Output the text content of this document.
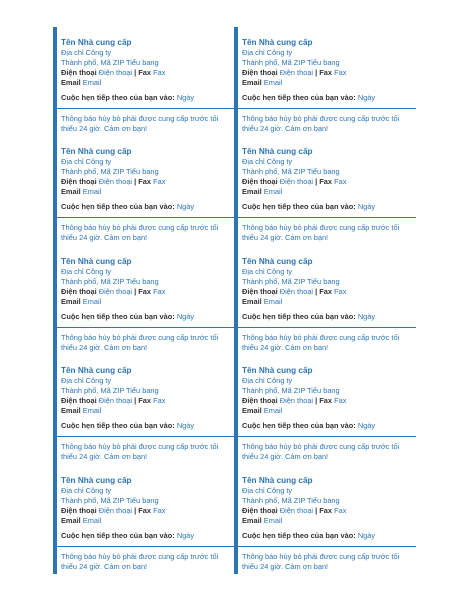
Tên Nhà cung cấp
Địa chỉ Công ty
Thành phố, Mã ZIP Tiểu bang
Điện thoại Điện thoại | Fax Fax
Email Email
Cuộc hẹn tiếp theo của bạn vào: Ngày
Thông báo hủy bỏ phải được cung cấp trước tối
thiểu 24 giờ. Cảm ơn bạn!
Tên Nhà cung cấp
Địa chỉ Công ty
Thành phố, Mã ZIP Tiểu bang
Điện thoại Điện thoại | Fax Fax
Email Email
Cuộc hẹn tiếp theo của bạn vào: Ngày
Thông báo hủy bỏ phải được cung cấp trước tối
thiểu 24 giờ. Cảm ơn bạn!
Tên Nhà cung cấp
Địa chỉ Công ty
Thành phố, Mã ZIP Tiểu bang
Điện thoại Điện thoại | Fax Fax
Email Email
Cuộc hẹn tiếp theo của bạn vào: Ngày
Thông báo hủy bỏ phải được cung cấp trước tối
thiểu 24 giờ. Cảm ơn bạn!
Tên Nhà cung cấp
Địa chỉ Công ty
Thành phố, Mã ZIP Tiểu bang
Điện thoại Điện thoại | Fax Fax
Email Email
Cuộc hẹn tiếp theo của bạn vào: Ngày
Thông báo hủy bỏ phải được cung cấp trước tối
thiểu 24 giờ. Cảm ơn bạn!
Tên Nhà cung cấp
Địa chỉ Công ty
Thành phố, Mã ZIP Tiểu bang
Điện thoại Điện thoại | Fax Fax
Email Email
Cuộc hẹn tiếp theo của bạn vào: Ngày
Thông báo hủy bỏ phải được cung cấp trước tối
thiểu 24 giờ. Cảm ơn bạn!
Tên Nhà cung cấp
Địa chỉ Công ty
Thành phố, Mã ZIP Tiểu bang
Điện thoại Điện thoại | Fax Fax
Email Email
Cuộc hẹn tiếp theo của bạn vào: Ngày
Thông báo hủy bỏ phải được cung cấp trước tối
thiểu 24 giờ. Cảm ơn bạn!
Tên Nhà cung cấp
Địa chỉ Công ty
Thành phố, Mã ZIP Tiểu bang
Điện thoại Điện thoại | Fax Fax
Email Email
Cuộc hẹn tiếp theo của bạn vào: Ngày
Thông báo hủy bỏ phải được cung cấp trước tối
thiểu 24 giờ. Cảm ơn bạn!
Tên Nhà cung cấp
Địa chỉ Công ty
Thành phố, Mã ZIP Tiểu bang
Điện thoại Điện thoại | Fax Fax
Email Email
Cuộc hẹn tiếp theo của bạn vào: Ngày
Thông báo hủy bỏ phải được cung cấp trước tối
thiểu 24 giờ. Cảm ơn bạn!
Tên Nhà cung cấp
Địa chỉ Công ty
Thành phố, Mã ZIP Tiểu bang
Điện thoại Điện thoại | Fax Fax
Email Email
Cuộc hẹn tiếp theo của bạn vào: Ngày
Thông báo hủy bỏ phải được cung cấp trước tối
thiểu 24 giờ. Cảm ơn bạn!
Tên Nhà cung cấp
Địa chỉ Công ty
Thành phố, Mã ZIP Tiểu bang
Điện thoại Điện thoại | Fax Fax
Email Email
Cuộc hẹn tiếp theo của bạn vào: Ngày
Thông báo hủy bỏ phải được cung cấp trước tối
thiểu 24 giờ. Cảm ơn bạn!
